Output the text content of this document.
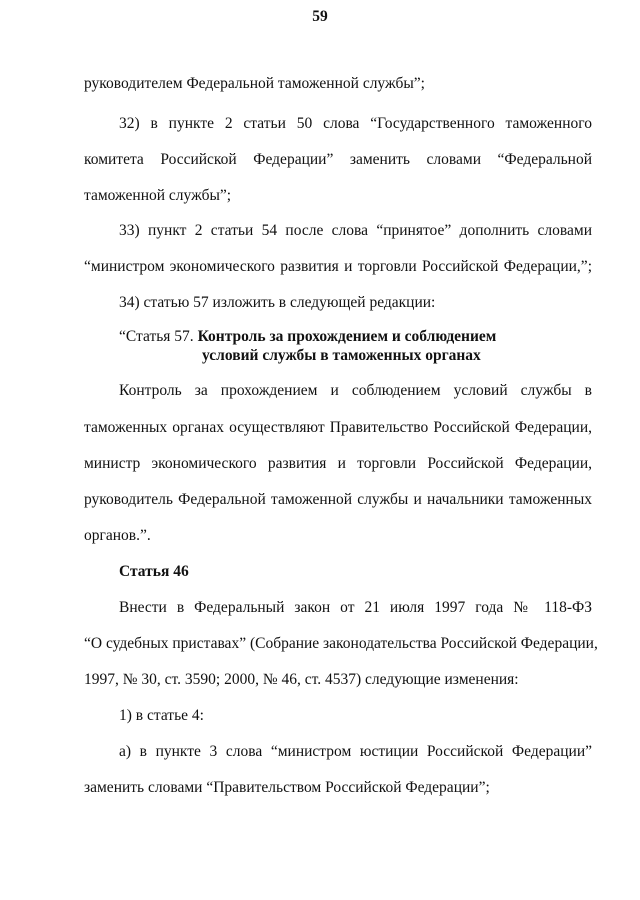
59
руководителем Федеральной таможенной службы”;
32) в пункте 2 статьи 50 слова “Государственного таможенного
комитета Российской Федерации” заменить словами “Федеральной
таможенной службы”;
33) пункт 2 статьи 54 после слова “принятое” дополнить словами
“министром экономического развития и торговли Российской Федерации,”;
34) статью 57 изложить в следующей редакции:
“Статья 57. Контроль за прохождением и соблюдением
условий службы в таможенных органах
Контроль за прохождением и соблюдением условий службы в
таможенных органах осуществляют Правительство Российской Федерации,
министр экономического развития и торговли Российской Федерации,
руководитель Федеральной таможенной службы и начальники таможенных
органов.”.
Статья 46
Внести в Федеральный закон от 21 июля 1997 года № 118-ФЗ
“О судебных приставах” (Собрание законодательства Российской Федерации,
1997, № 30, ст. 3590; 2000, № 46, ст. 4537) следующие изменения:
1) в статье 4:
а) в пункте 3 слова “министром юстиции Российской Федерации”
заменить словами “Правительством Российской Федерации”;
